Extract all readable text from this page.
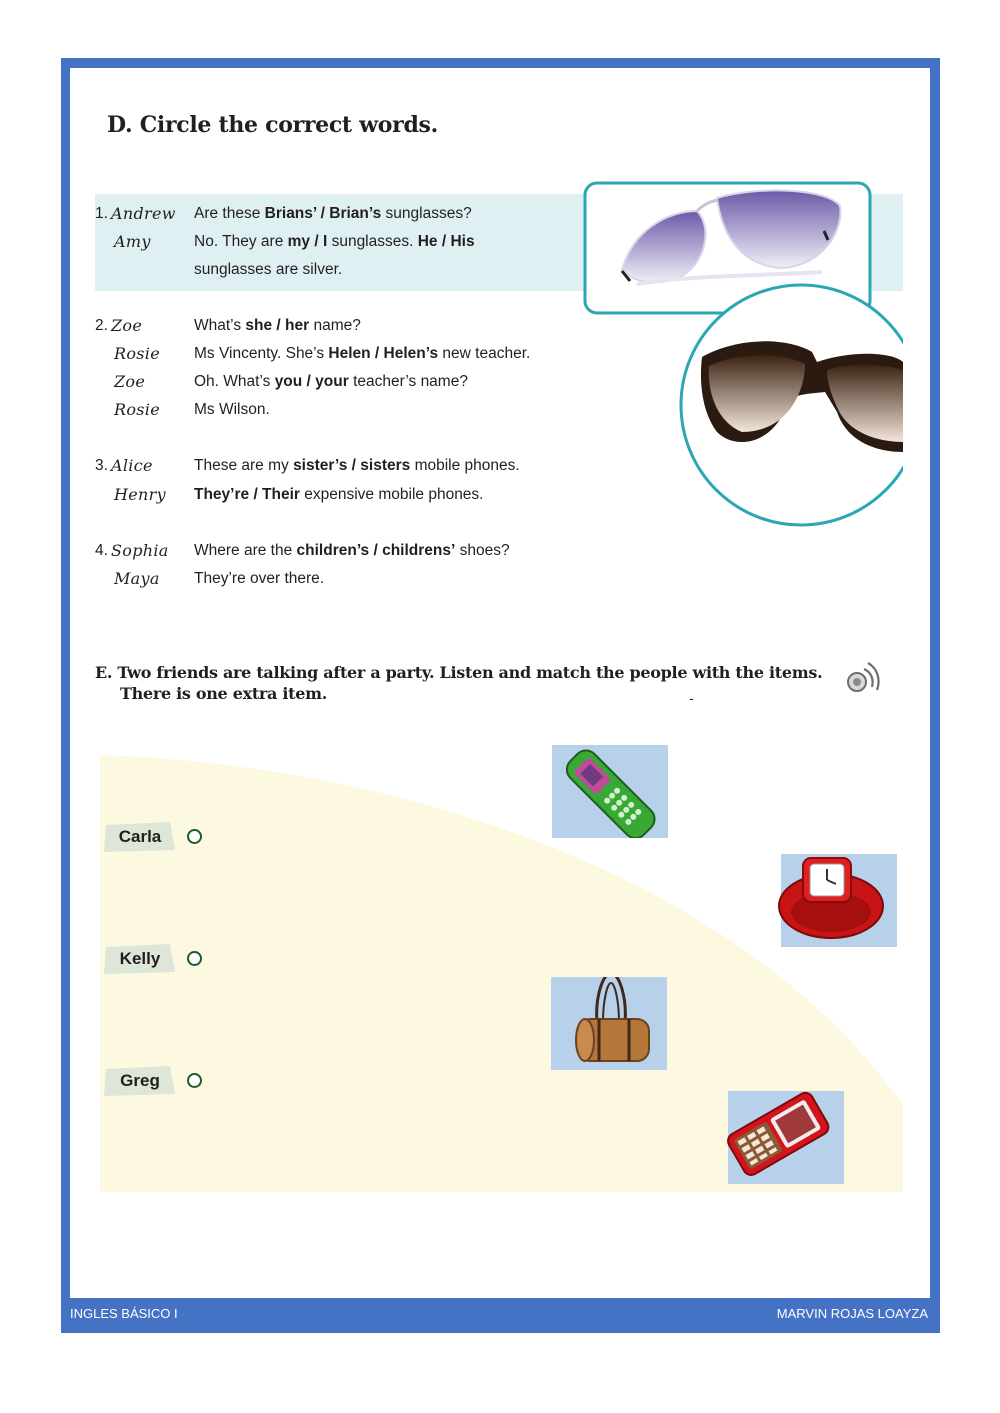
D. Circle the correct words.
1. Andrew Are these Brians’ / Brian’s sunglasses?
Amy	No. They are my / I sunglasses. He / His
sunglasses are silver.
2. Zoe	What’s she / her name?
Rosie Ms Vincenty. She’s Helen / Helen’s new teacher.
Zoe	Oh. What’s you / your teacher’s name?
Rosie Ms Wilson.
3. Alice	These are my sister’s / sisters mobile phones.
Henry They’re / Their expensive mobile phones.
4. Sophia Where are the children’s / childrens’ shoes?
Maya They’re over there.
E. Two friends are talking after a party. Listen and match the people with the items.
There is one extra item.	-
Carla
Kelly
Greg
INGLES BÁSICO I	MARVIN ROJAS LOAYZA
